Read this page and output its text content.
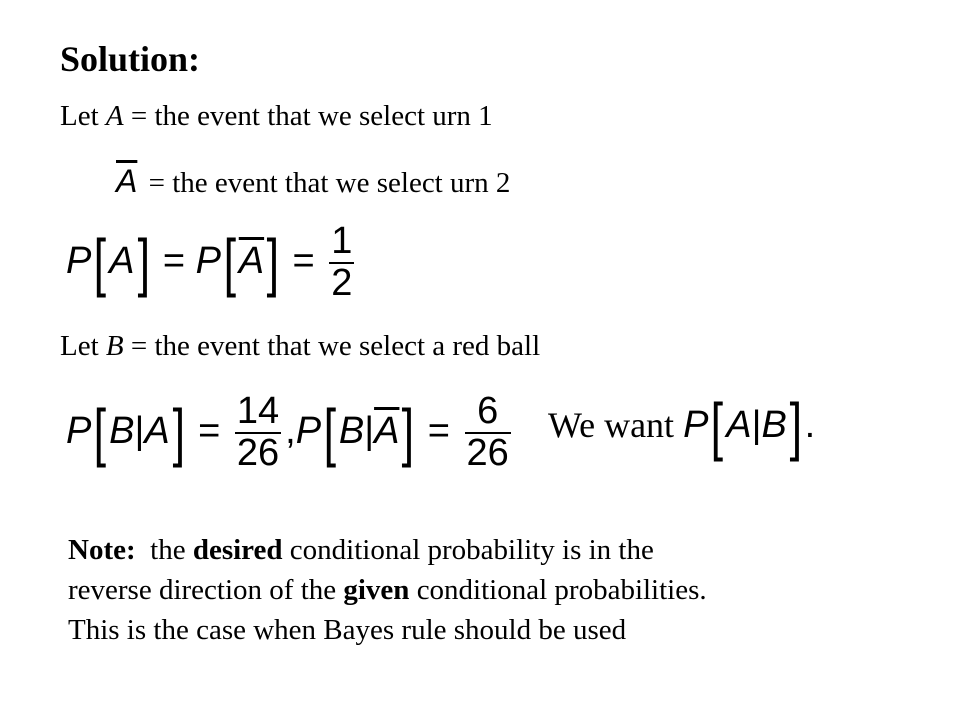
Solution:
Let A = the event that we select urn 1
$\overline{A}$ = the event that we select urn 2
$P[A] = P[\overline{A}] = \frac{1}{2}$
Let B = the event that we select a red ball
$P[B|A] = \frac{14}{26} ,P[B|\overline{A}] = \frac{6}{26}$ We want P[A|B].
Note:  the desired conditional probability is in the
reverse direction of the given conditional probabilities.
This is the case when Bayes rule should be used
